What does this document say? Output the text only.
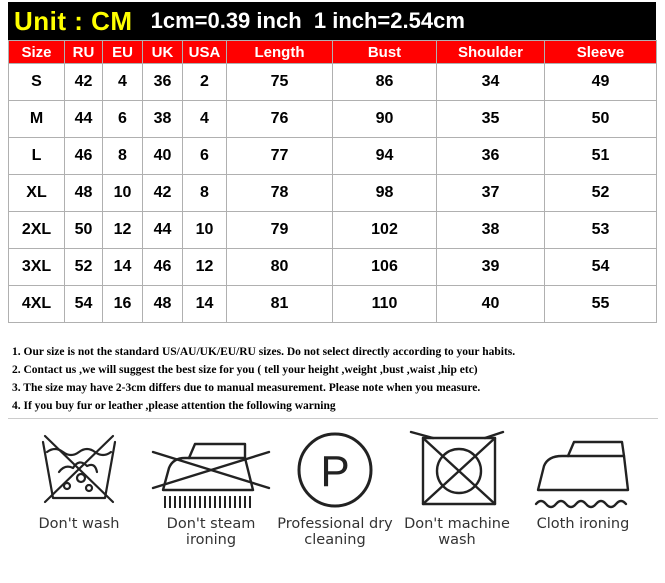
Unit : CM 1cm=0.39 inch  1 inch=2.54cm
Size	RU	EU	UK	USA	Length	Bust	Shoulder	Sleeve
S	42	4	36	2	75	86	34	49
M	44	6	38	4	76	90	35	50
L	46	8	40	6	77	94	36	51
XL	48	10	42	8	78	98	37	52
2XL	50	12	44	10	79	102	38	53
3XL	52	14	46	12	80	106	39	54
4XL	54	16	48	14	81	110	40	55
1. Our size is not the standard US/AU/UK/EU/RU sizes. Do not select directly according to your habits.
2. Contact us ,we will suggest the best size for you ( tell your height ,weight ,bust ,waist ,hip etc)
3. The size may have 2-3cm differs due to manual measurement. Please note when you measure.
4. If you buy fur or leather ,please attention the following warning
Don't wash	Don't steam
ironing
P
Professional dry
cleaning
Don't machine
wash
Cloth ironing
